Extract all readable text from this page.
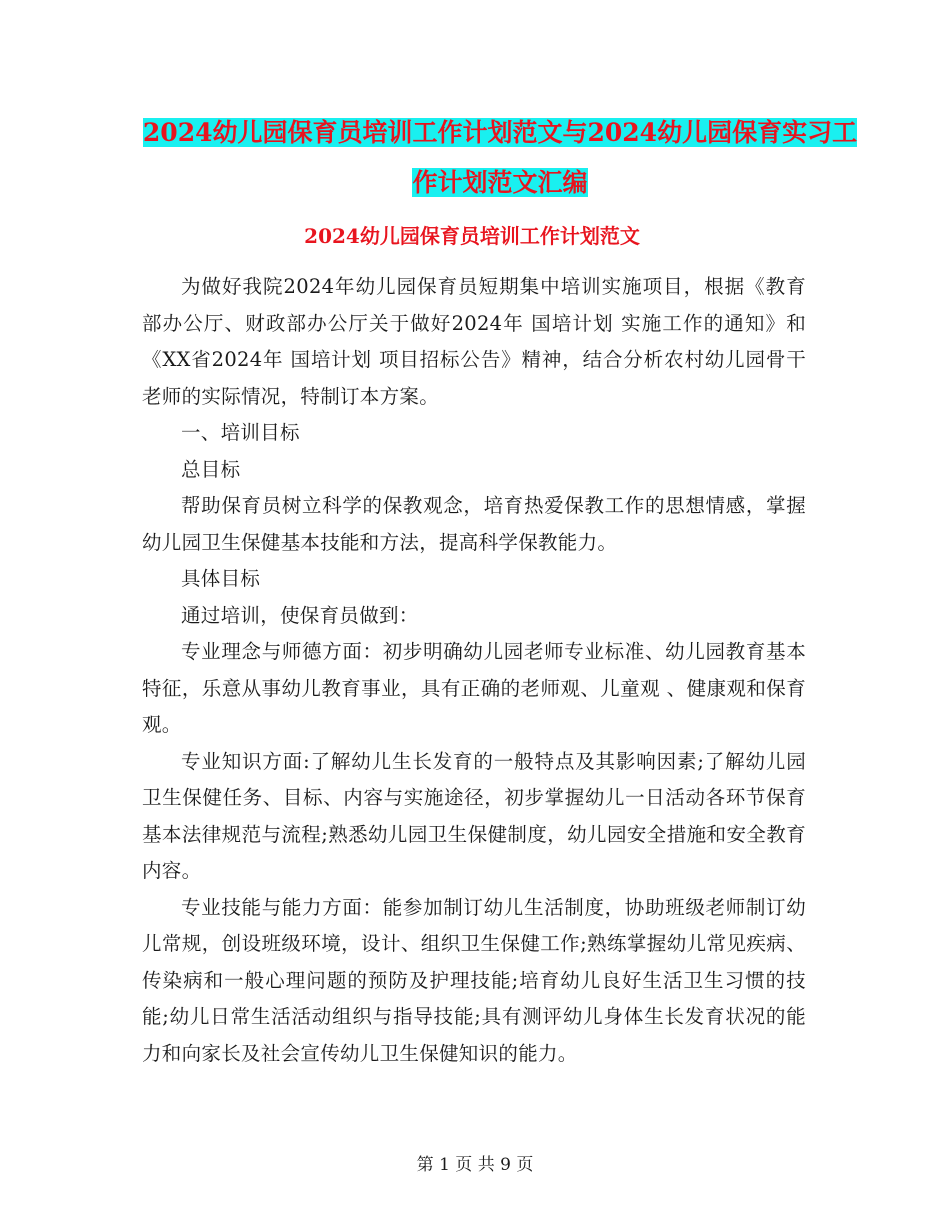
2024幼儿园保育员培训工作计划范文与2024幼儿园保育实习工作计划范文汇编
2024幼儿园保育员培训工作计划范文

为做好我院2024年幼儿园保育员短期集中培训实施项目，根据《教育部办公厅、财政部办公厅关于做好2024年 国培计划 实施工作的通知》和《XX省2024年 国培计划 项目招标公告》精神，结合分析农村幼儿园骨干老师的实际情况，特制订本方案。

一、培训目标

总目标

帮助保育员树立科学的保教观念，培育热爱保教工作的思想情感，掌握幼儿园卫生保健基本技能和方法，提高科学保教能力。

具体目标

通过培训，使保育员做到：

专业理念与师德方面：初步明确幼儿园老师专业标准、幼儿园教育基本特征，乐意从事幼儿教育事业，具有正确的老师观、儿童观 、健康观和保育观。

专业知识方面:了解幼儿生长发育的一般特点及其影响因素;了解幼儿园卫生保健任务、目标、内容与实施途径，初步掌握幼儿一日活动各环节保育基本法律规范与流程;熟悉幼儿园卫生保健制度，幼儿园安全措施和安全教育内容。

专业技能与能力方面：能参加制订幼儿生活制度，协助班级老师制订幼儿常规，创设班级环境，设计、组织卫生保健工作;熟练掌握幼儿常见疾病、传染病和一般心理问题的预防及护理技能;培育幼儿良好生活卫生习惯的技能;幼儿日常生活活动组织与指导技能;具有测评幼儿身体生长发育状况的能力和向家长及社会宣传幼儿卫生保健知识的能力。

第 1 页 共 9 页
